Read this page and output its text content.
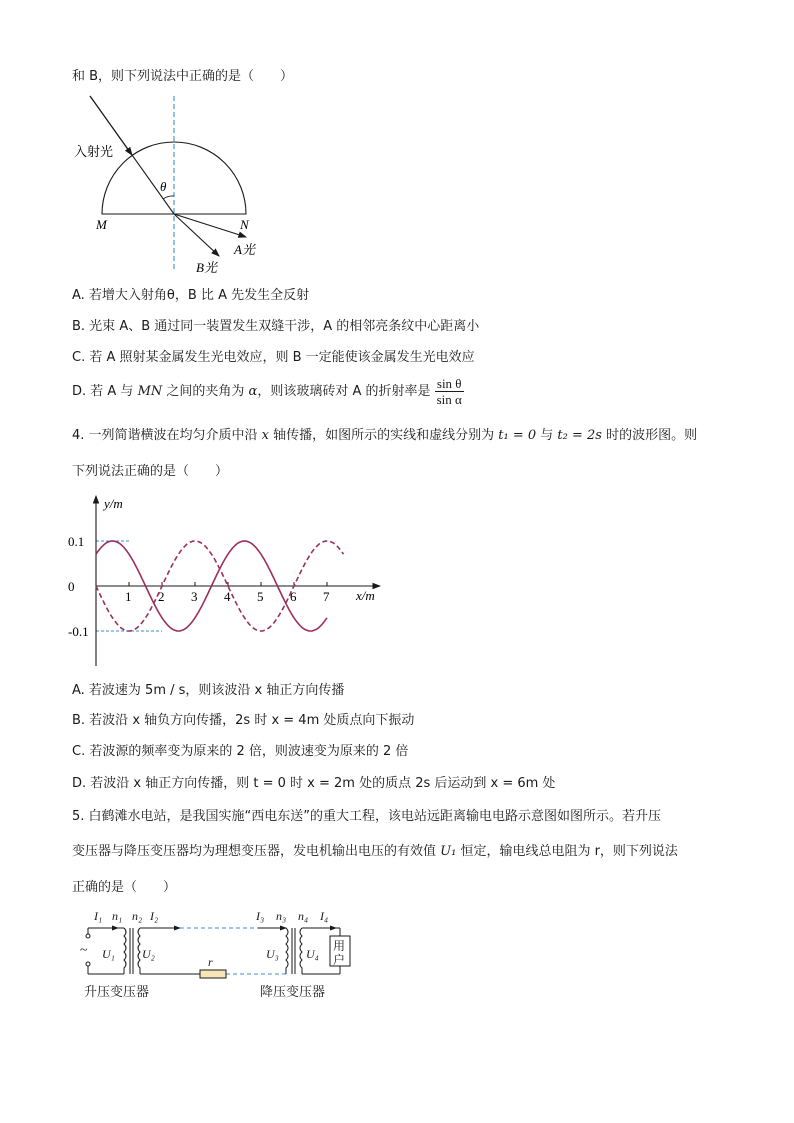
和 B，则下列说法中正确的是（　　）
入射光
θ
M	N
A光
B光
A. 若增大入射角θ，B 比 A 先发生全反射
B. 光束 A、B 通过同一装置发生双缝干涉，A 的相邻亮条纹中心距离小
C. 若 A 照射某金属发生光电效应，则 B 一定能使该金属发生光电效应
D. 若 A 与 MN 之间的夹角为 α，则该玻璃砖对 A 的折射率是 $\frac{\text{sin θ}}{\text{sin α}}$
4. 一列简谐横波在均匀介质中沿 x 轴传播，如图所示的实线和虚线分别为 t₁ = 0 与 t₂ = 2s 时的波形图。则
下列说法正确的是（　　）
y/m
x/m
1 2 3 4 5 6 7
0.1
0
-0.1
A. 若波速为 5m / s，则该波沿 x 轴正方向传播
B. 若波沿 x 轴负方向传播，2s 时 x = 4m 处质点向下振动
C. 若波源的频率变为原来的 2 倍，则波速变为原来的 2 倍
D. 若波沿 x 轴正方向传播，则 t = 0 时 x = 2m 处的质点 2s 后运动到 x = 6m 处
5. 白鹤滩水电站，是我国实施“西电东送”的重大工程，该电站远距离输电电路示意图如图所示。若升压
变压器与降压变压器均为理想变压器，发电机输出电压的有效值 U₁ 恒定，输电线总电阻为 r，则下列说法
正确的是（　　）
I₁ n₁ n₂ I₂	I₃ n₃ n₄ I₄
U₁ U₂	U₃ U₄
r
~	用
户
升压变压器	降压变压器
